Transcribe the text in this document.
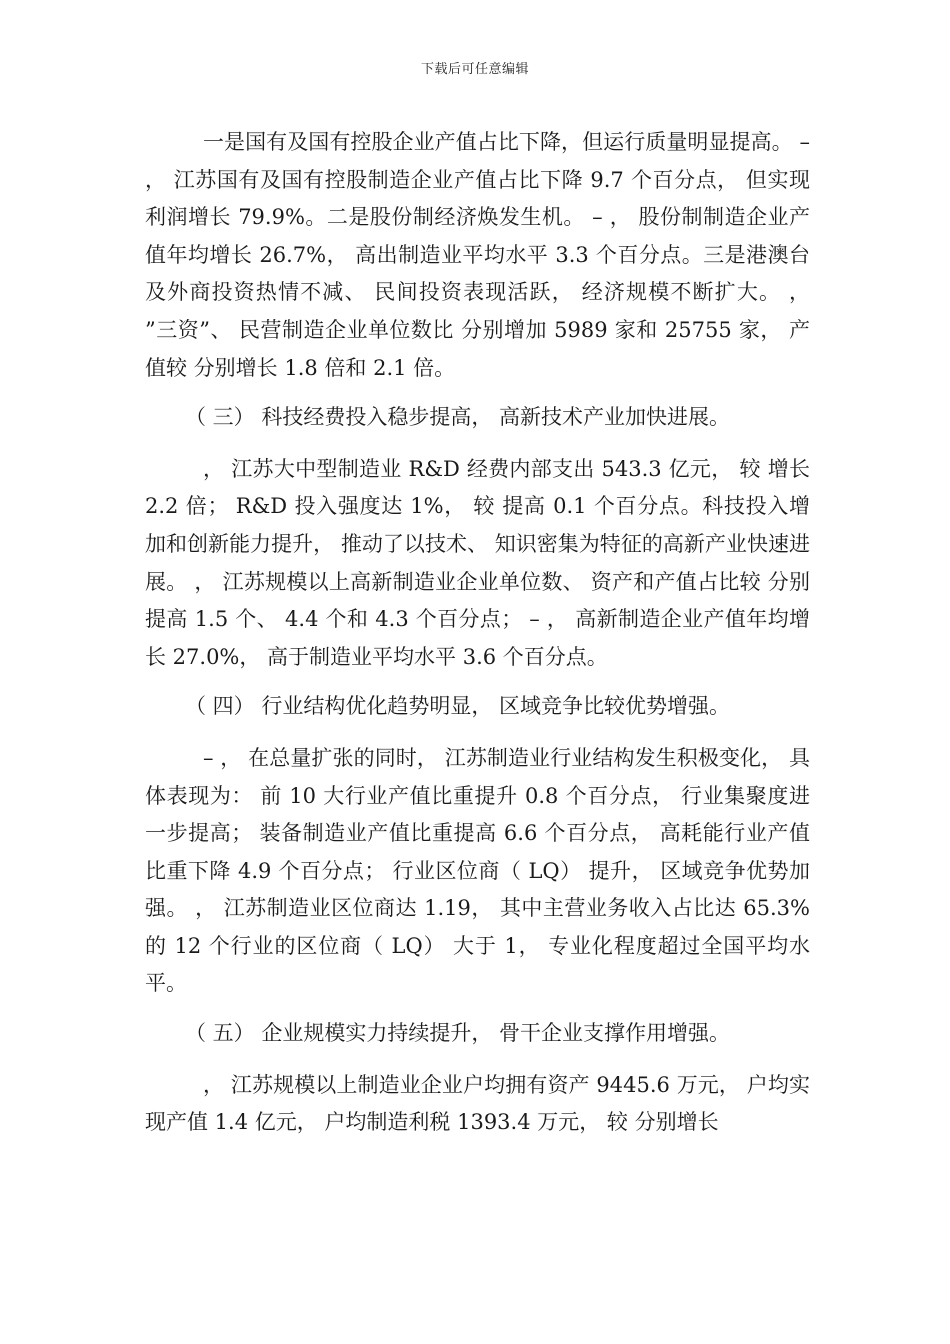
下载后可任意编辑

一是国有及国有控股企业产值占比下降，但运行质量明显提高。 – ， 江苏国有及国有控股制造企业产值占比下降 9.7 个百分点， 但实现利润增长 79.9%。二是股份制经济焕发生机。 – ， 股份制制造企业产值年均增长 26.7%， 高出制造业平均水平 3.3 个百分点。三是港澳台及外商投资热情不减、 民间投资表现活跃， 经济规模不断扩大。 ， ”三资”、 民营制造企业单位数比 分别增加 5989 家和 25755 家， 产值较 分别增长 1.8 倍和 2.1 倍。

（ 三） 科技经费投入稳步提高， 高新技术产业加快进展。

， 江苏大中型制造业 R&D 经费内部支出 543.3 亿元， 较 增长 2.2 倍； R&D 投入强度达 1%， 较 提高 0.1 个百分点。科技投入增加和创新能力提升， 推动了以技术、 知识密集为特征的高新产业快速进展。 ， 江苏规模以上高新制造业企业单位数、 资产和产值占比较 分别提高 1.5 个、 4.4 个和 4.3 个百分点； – ， 高新制造企业产值年均增长 27.0%， 高于制造业平均水平 3.6 个百分点。

（ 四） 行业结构优化趋势明显， 区域竞争比较优势增强。

– ， 在总量扩张的同时， 江苏制造业行业结构发生积极变化， 具体表现为： 前 10 大行业产值比重提升 0.8 个百分点， 行业集聚度进一步提高； 装备制造业产值比重提高 6.6 个百分点， 高耗能行业产值比重下降 4.9 个百分点； 行业区位商（ LQ） 提升， 区域竞争优势加强。 ， 江苏制造业区位商达 1.19， 其中主营业务收入占比达 65.3%的 12 个行业的区位商（ LQ） 大于 1， 专业化程度超过全国平均水平。

（ 五） 企业规模实力持续提升， 骨干企业支撑作用增强。

， 江苏规模以上制造业企业户均拥有资产 9445.6 万元， 户均实现产值 1.4 亿元， 户均制造利税 1393.4 万元， 较 分别增长
